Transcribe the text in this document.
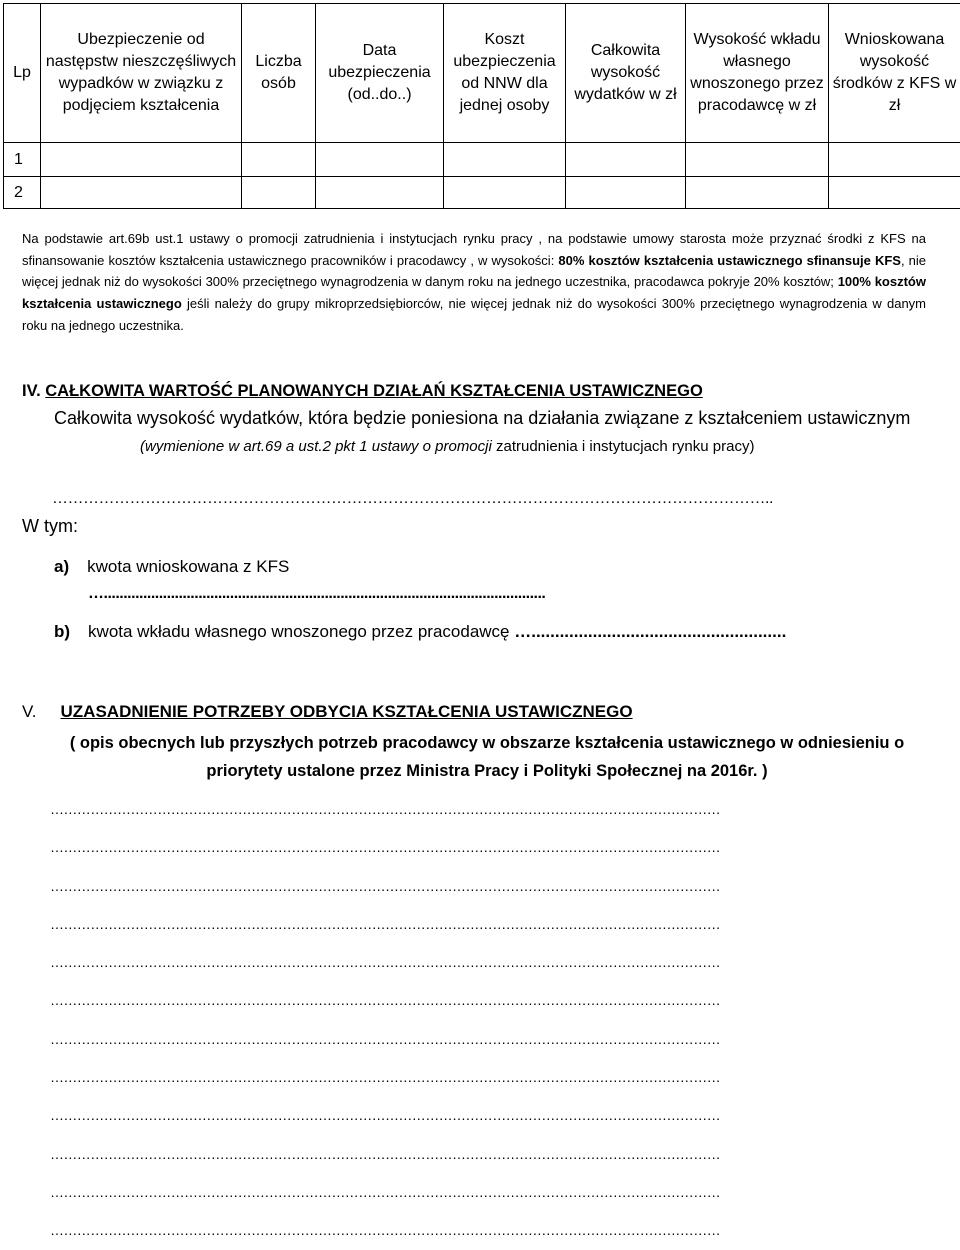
Lp	Ubezpieczenie od następstw nieszczęśliwych wypadków w związku z podjęciem kształcenia	Liczba osób	Data ubezpieczenia (od..do..)	Koszt ubezpieczenia od NNW dla jednej osoby	Całkowita wysokość wydatków w zł	Wysokość wkładu własnego wnoszonego przez pracodawcę w zł	Wnioskowana wysokość środków z KFS w zł
1							
2							
Na podstawie art.69b ust.1 ustawy o promocji zatrudnienia i instytucjach rynku pracy , na podstawie umowy starosta może przyznać środki z KFS na sfinansowanie kosztów kształcenia ustawicznego pracowników i pracodawcy , w wysokości: 80% kosztów kształcenia ustawicznego sfinansuje KFS, nie więcej jednak niż do wysokości 300% przeciętnego wynagrodzenia w danym roku na jednego uczestnika, pracodawca pokryje 20% kosztów; 100% kosztów kształcenia ustawicznego jeśli należy do grupy mikroprzedsiębiorców, nie więcej jednak niż do wysokości 300% przeciętnego wynagrodzenia w danym roku na jednego uczestnika.
IV. CAŁKOWITA WARTOŚĆ PLANOWANYCH DZIAŁAŃ KSZTAŁCENIA USTAWICZNEGO
Całkowita wysokość wydatków, która będzie poniesiona na działania związane z kształceniem ustawicznym
(wymienione w art.69 a ust.2 pkt 1 ustawy o promocji zatrudnienia i instytucjach rynku pracy)
…………………………………………………………………………………………………………………………..
W tym:
a) kwota wnioskowana z KFS
…................................................................................................................
b) kwota wkładu własnego wnoszonego przez pracodawcę …......................................................
V. UZASADNIENIE POTRZEBY ODBYCIA KSZTAŁCENIA USTAWICZNEGO
( opis obecnych lub przyszłych potrzeb pracodawcy w obszarze kształcenia ustawicznego w odniesieniu o priorytety ustalone przez Ministra Pracy i Polityki Społecznej na 2016r. )
……………………………………………………………………………………………………………………………………
……………………………………………………………………………………………………………………………………
……………………………………………………………………………………………………………………………………
……………………………………………………………………………………………………………………………………
……………………………………………………………………………………………………………………………………
……………………………………………………………………………………………………………………………………
……………………………………………………………………………………………………………………………………
……………………………………………………………………………………………………………………………………
……………………………………………………………………………………………………………………………………
……………………………………………………………………………………………………………………………………
……………………………………………………………………………………………………………………………………
……………………………………………………………………………………………………………………………………
